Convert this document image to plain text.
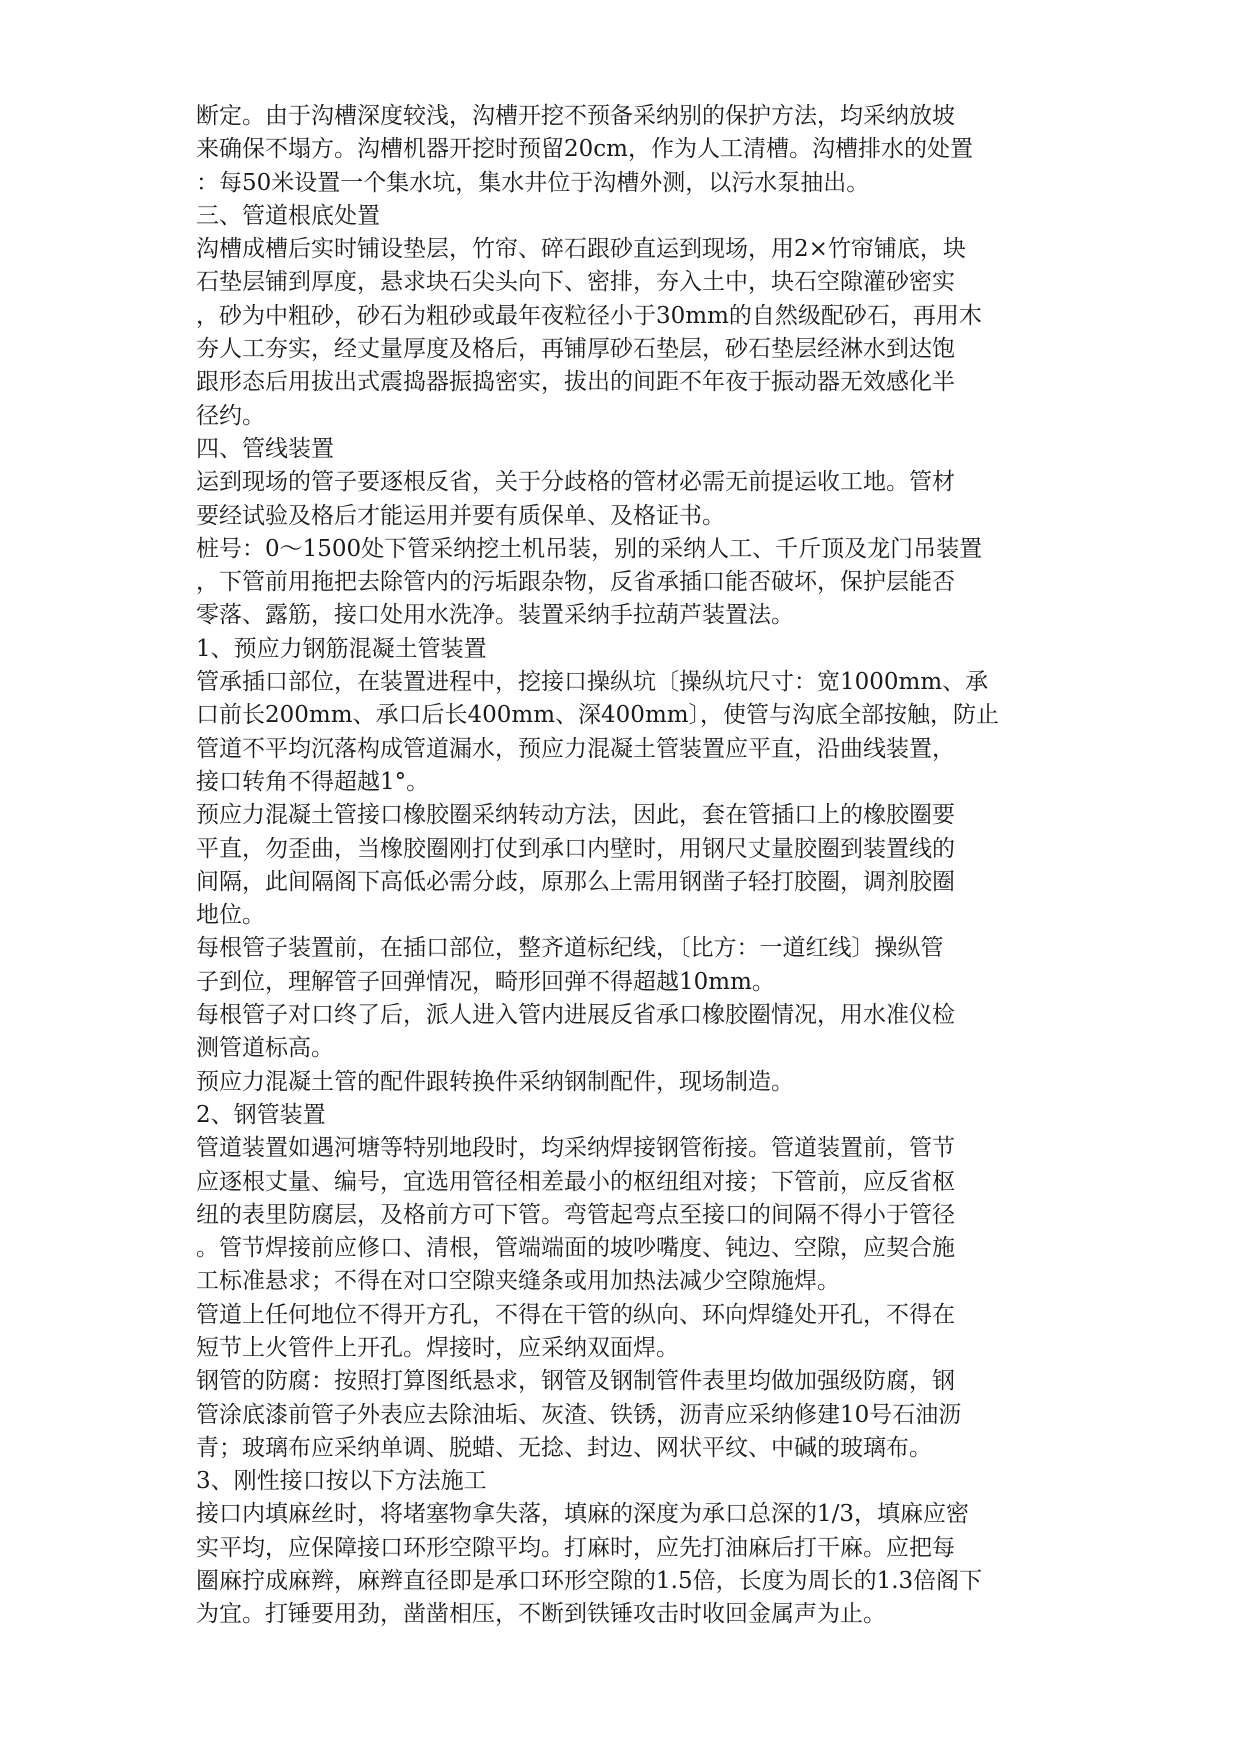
断定。由于沟槽深度较浅，沟槽开挖不预备采纳别的保护方法，均采纳放坡
来确保不塌方。沟槽机器开挖时预留20cm，作为人工清槽。沟槽排水的处置
：每50米设置一个集水坑，集水井位于沟槽外测，以污水泵抽出。
三、管道根底处置
沟槽成槽后实时铺设垫层，竹帘、碎石跟砂直运到现场，用2×竹帘铺底，块
石垫层铺到厚度，悬求块石尖头向下、密排，夯入土中，块石空隙灌砂密实
，砂为中粗砂，砂石为粗砂或最年夜粒径小于30mm的自然级配砂石，再用木
夯人工夯实，经丈量厚度及格后，再铺厚砂石垫层，砂石垫层经淋水到达饱
跟形态后用拔出式震捣器振捣密实，拔出的间距不年夜于振动器无效感化半
径约。
四、管线装置
运到现场的管子要逐根反省，关于分歧格的管材必需无前提运收工地。管材
要经试验及格后才能运用并要有质保单、及格证书。
桩号：0～1500处下管采纳挖土机吊装，别的采纳人工、千斤顶及龙门吊装置
，下管前用拖把去除管内的污垢跟杂物，反省承插口能否破坏，保护层能否
零落、露筋，接口处用水洗净。装置采纳手拉葫芦装置法。
1、预应力钢筋混凝土管装置
管承插口部位，在装置进程中，挖接口操纵坑〔操纵坑尺寸：宽1000mm、承
口前长200mm、承口后长400mm、深400mm〕，使管与沟底全部按触，防止
管道不平均沉落构成管道漏水，预应力混凝土管装置应平直，沿曲线装置，
接口转角不得超越1°。
预应力混凝土管接口橡胶圈采纳转动方法，因此，套在管插口上的橡胶圈要
平直，勿歪曲，当橡胶圈刚打仗到承口内壁时，用钢尺丈量胶圈到装置线的
间隔，此间隔阁下高低必需分歧，原那么上需用钢凿子轻打胶圈，调剂胶圈
地位。
每根管子装置前，在插口部位，整齐道标纪线，〔比方：一道红线〕操纵管
子到位，理解管子回弹情况，畸形回弹不得超越10mm。
每根管子对口终了后，派人进入管内进展反省承口橡胶圈情况，用水准仪检
测管道标高。
预应力混凝土管的配件跟转换件采纳钢制配件，现场制造。
2、钢管装置
管道装置如遇河塘等特别地段时，均采纳焊接钢管衔接。管道装置前，管节
应逐根丈量、编号，宜选用管径相差最小的枢纽组对接；下管前，应反省枢
纽的表里防腐层，及格前方可下管。弯管起弯点至接口的间隔不得小于管径
。管节焊接前应修口、清根，管端端面的坡吵嘴度、钝边、空隙，应契合施
工标准悬求；不得在对口空隙夹缝条或用加热法减少空隙施焊。
管道上任何地位不得开方孔，不得在干管的纵向、环向焊缝处开孔，不得在
短节上火管件上开孔。焊接时，应采纳双面焊。
钢管的防腐：按照打算图纸悬求，钢管及钢制管件表里均做加强级防腐，钢
管涂底漆前管子外表应去除油垢、灰渣、铁锈，沥青应采纳修建10号石油沥
青；玻璃布应采纳单调、脱蜡、无捻、封边、网状平纹、中碱的玻璃布。
3、刚性接口按以下方法施工
接口内填麻丝时，将堵塞物拿失落，填麻的深度为承口总深的1/3，填麻应密
实平均，应保障接口环形空隙平均。打麻时，应先打油麻后打干麻。应把每
圈麻拧成麻辫，麻辫直径即是承口环形空隙的1.5倍，长度为周长的1.3倍阁下
为宜。打锤要用劲，凿凿相压，不断到铁锤攻击时收回金属声为止。
